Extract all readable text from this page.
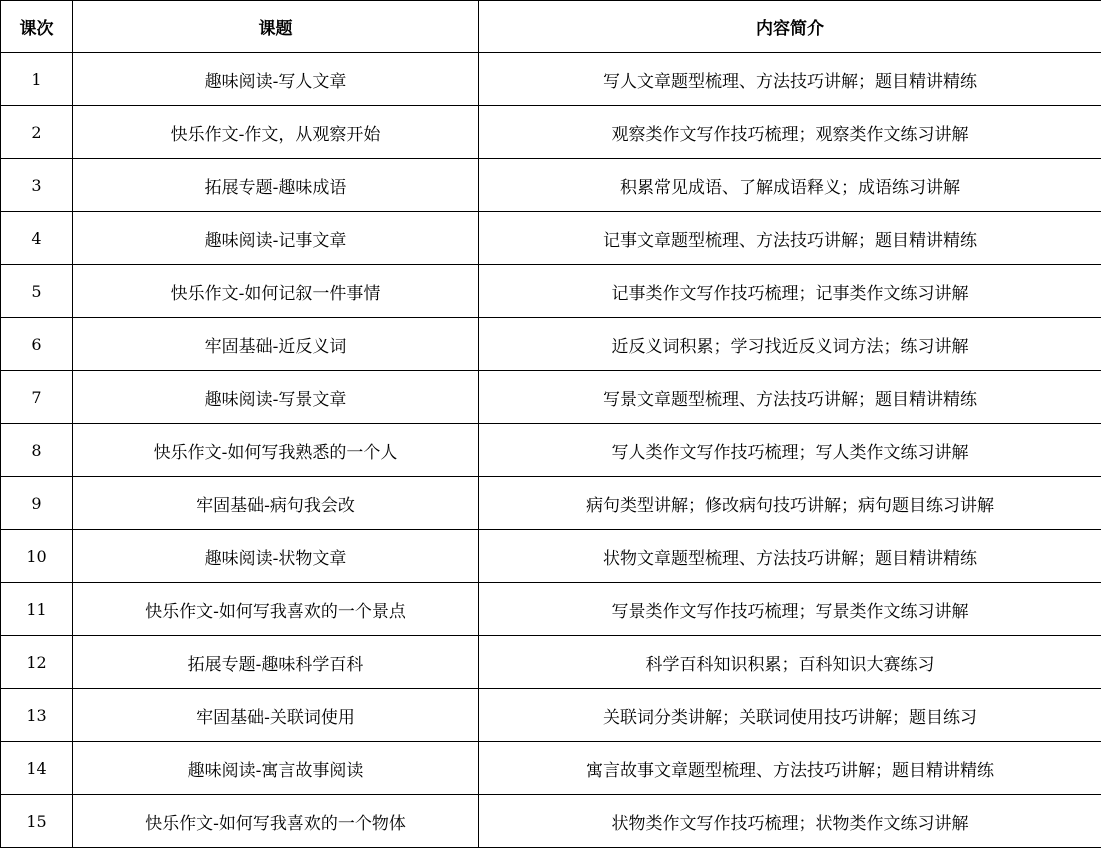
课次	课题	内容简介
1	趣味阅读-写人文章	写人文章题型梳理、方法技巧讲解；题目精讲精练
2	快乐作文-作文，从观察开始	观察类作文写作技巧梳理；观察类作文练习讲解
3	拓展专题-趣味成语	积累常见成语、了解成语释义；成语练习讲解
4	趣味阅读-记事文章	记事文章题型梳理、方法技巧讲解；题目精讲精练
5	快乐作文-如何记叙一件事情	记事类作文写作技巧梳理；记事类作文练习讲解
6	牢固基础-近反义词	近反义词积累；学习找近反义词方法；练习讲解
7	趣味阅读-写景文章	写景文章题型梳理、方法技巧讲解；题目精讲精练
8	快乐作文-如何写我熟悉的一个人	写人类作文写作技巧梳理；写人类作文练习讲解
9	牢固基础-病句我会改	病句类型讲解；修改病句技巧讲解；病句题目练习讲解
10	趣味阅读-状物文章	状物文章题型梳理、方法技巧讲解；题目精讲精练
11	快乐作文-如何写我喜欢的一个景点	写景类作文写作技巧梳理；写景类作文练习讲解
12	拓展专题-趣味科学百科	科学百科知识积累；百科知识大赛练习
13	牢固基础-关联词使用	关联词分类讲解；关联词使用技巧讲解；题目练习
14	趣味阅读-寓言故事阅读	寓言故事文章题型梳理、方法技巧讲解；题目精讲精练
15	快乐作文-如何写我喜欢的一个物体	状物类作文写作技巧梳理；状物类作文练习讲解
